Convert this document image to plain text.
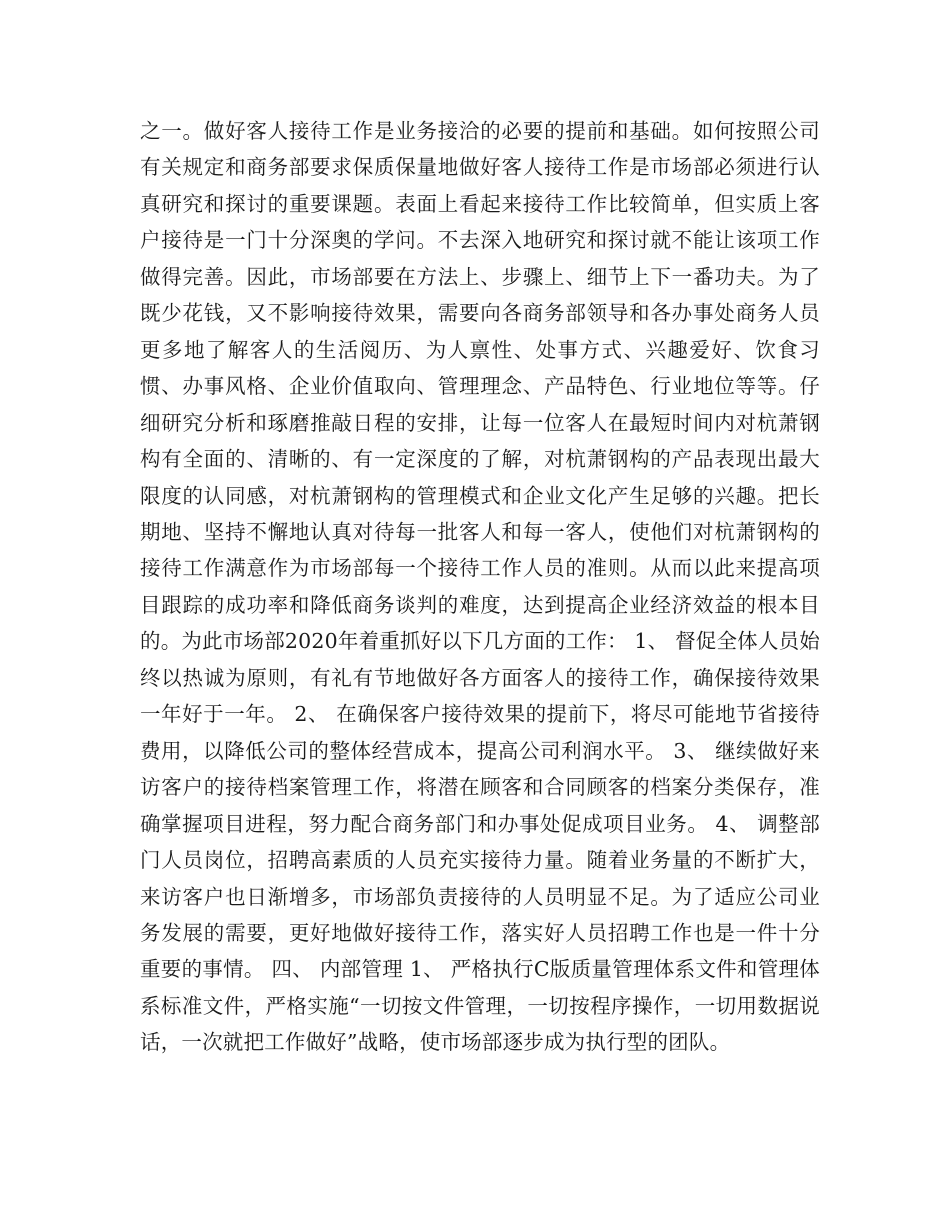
之一。做好客人接待工作是业务接洽的必要的提前和基础。如何按照公司有关规定和商务部要求保质保量地做好客人接待工作是市场部必须进行认真研究和探讨的重要课题。表面上看起来接待工作比较简单，但实质上客户接待是一门十分深奥的学问。不去深入地研究和探讨就不能让该项工作做得完善。因此，市场部要在方法上、步骤上、细节上下一番功夫。为了既少花钱，又不影响接待效果，需要向各商务部领导和各办事处商务人员更多地了解客人的生活阅历、为人禀性、处事方式、兴趣爱好、饮食习惯、办事风格、企业价值取向、管理理念、产品特色、行业地位等等。仔细研究分析和琢磨推敲日程的安排，让每一位客人在最短时间内对杭萧钢构有全面的、清晰的、有一定深度的了解，对杭萧钢构的产品表现出最大限度的认同感，对杭萧钢构的管理模式和企业文化产生足够的兴趣。把长期地、坚持不懈地认真对待每一批客人和每一客人，使他们对杭萧钢构的接待工作满意作为市场部每一个接待工作人员的准则。从而以此来提高项目跟踪的成功率和降低商务谈判的难度，达到提高企业经济效益的根本目的。为此市场部2020年着重抓好以下几方面的工作： 1、 督促全体人员始终以热诚为原则，有礼有节地做好各方面客人的接待工作，确保接待效果一年好于一年。 2、 在确保客户接待效果的提前下，将尽可能地节省接待费用，以降低公司的整体经营成本，提高公司利润水平。 3、 继续做好来访客户的接待档案管理工作，将潜在顾客和合同顾客的档案分类保存，准确掌握项目进程，努力配合商务部门和办事处促成项目业务。 4、 调整部门人员岗位，招聘高素质的人员充实接待力量。随着业务量的不断扩大，来访客户也日渐增多，市场部负责接待的人员明显不足。为了适应公司业务发展的需要，更好地做好接待工作，落实好人员招聘工作也是一件十分重要的事情。 四、 内部管理 1、 严格执行C版质量管理体系文件和管理体系标准文件，严格实施“一切按文件管理，一切按程序操作，一切用数据说话，一次就把工作做好”战略，使市场部逐步成为执行型的团队。
